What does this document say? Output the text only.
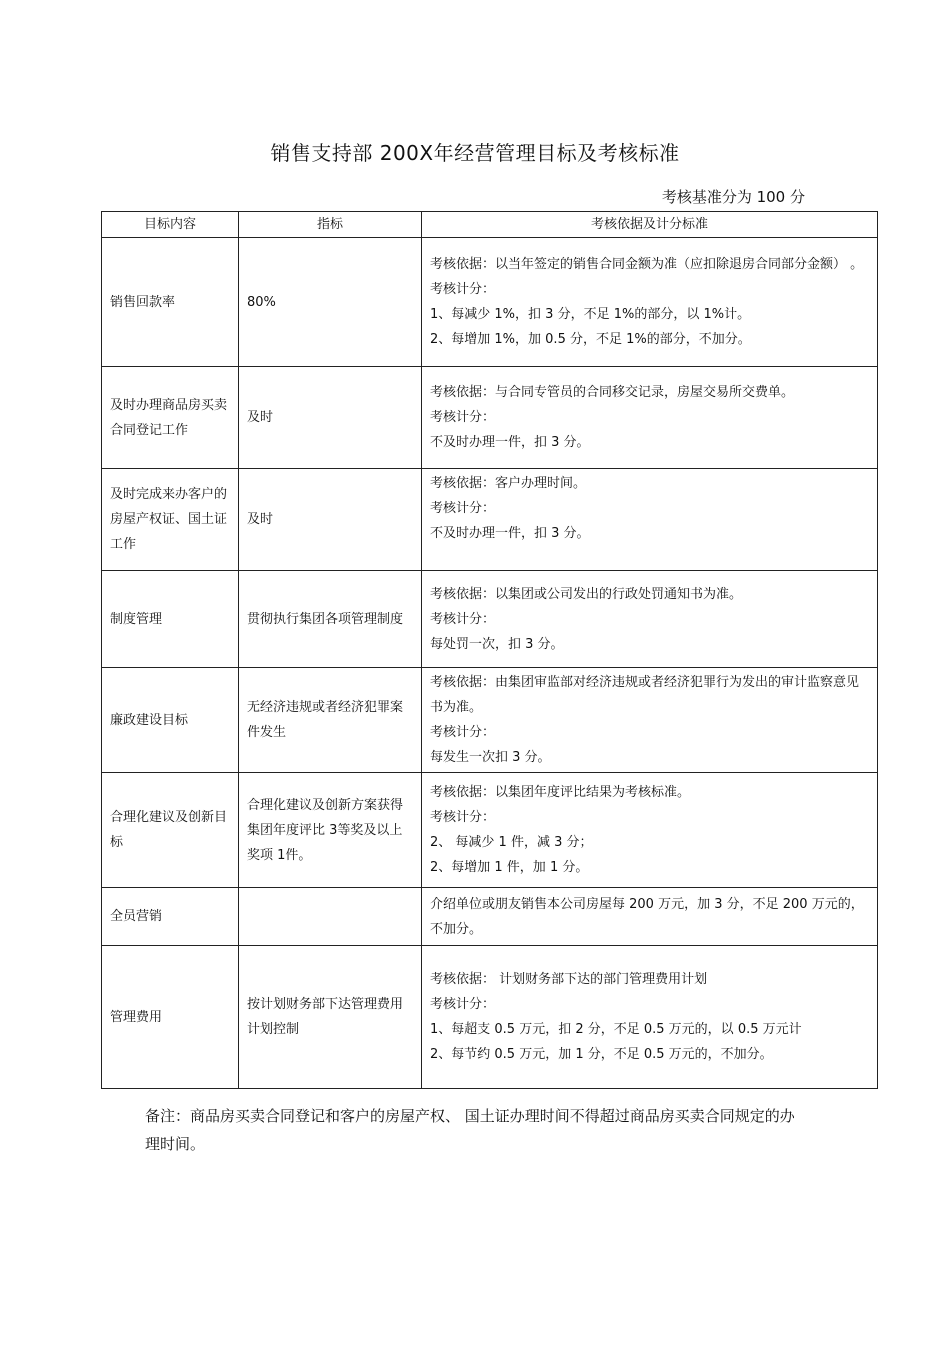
销售支持部 200X年经营管理目标及考核标准
考核基准分为 100 分
目标内容	指标	考核依据及计分标准
销售回款率	80%	考核依据：以当年签定的销售合同金额为准（应扣除退房合同部分金额） 。
考核计分：
1、每减少 1%，扣 3 分，不足 1%的部分，以 1%计。
2、每增加 1%，加 0.5 分，不足 1%的部分，不加分。

及时办理商品房买卖合同登记工作	及时	考核依据：与合同专管员的合同移交记录，房屋交易所交费单。
考核计分：
不及时办理一件，扣 3 分。

及时完成来办客户的房屋产权证、国土证工作	及时	考核依据：客户办理时间。
考核计分：
不及时办理一件，扣 3 分。

制度管理	贯彻执行集团各项管理制度	考核依据：以集团或公司发出的行政处罚通知书为准。
考核计分：
每处罚一次，扣 3 分。

廉政建设目标	无经济违规或者经济犯罪案件发生	考核依据：由集团审监部对经济违规或者经济犯罪行为发出的审计监察意见书为准。
考核计分：
每发生一次扣 3 分。

合理化建议及创新目标	合理化建议及创新方案获得集团年度评比 3等奖及以上奖项 1件。	考核依据：以集团年度评比结果为考核标准。
考核计分：
2、 每减少 1 件，减 3 分；
2、每增加 1 件，加 1 分。

全员营销		介绍单位或朋友销售本公司房屋每 200 万元，加 3 分，不足 200 万元的，不加分。

管理费用	按计划财务部下达管理费用计划控制	考核依据： 计划财务部下达的部门管理费用计划
考核计分：
1、每超支 0.5 万元，扣 2 分，不足 0.5 万元的，以 0.5 万元计
2、每节约 0.5 万元，加 1 分，不足 0.5 万元的，不加分。
备注：商品房买卖合同登记和客户的房屋产权、 国土证办理时间不得超过商品房买卖合同规定的办理时间。
